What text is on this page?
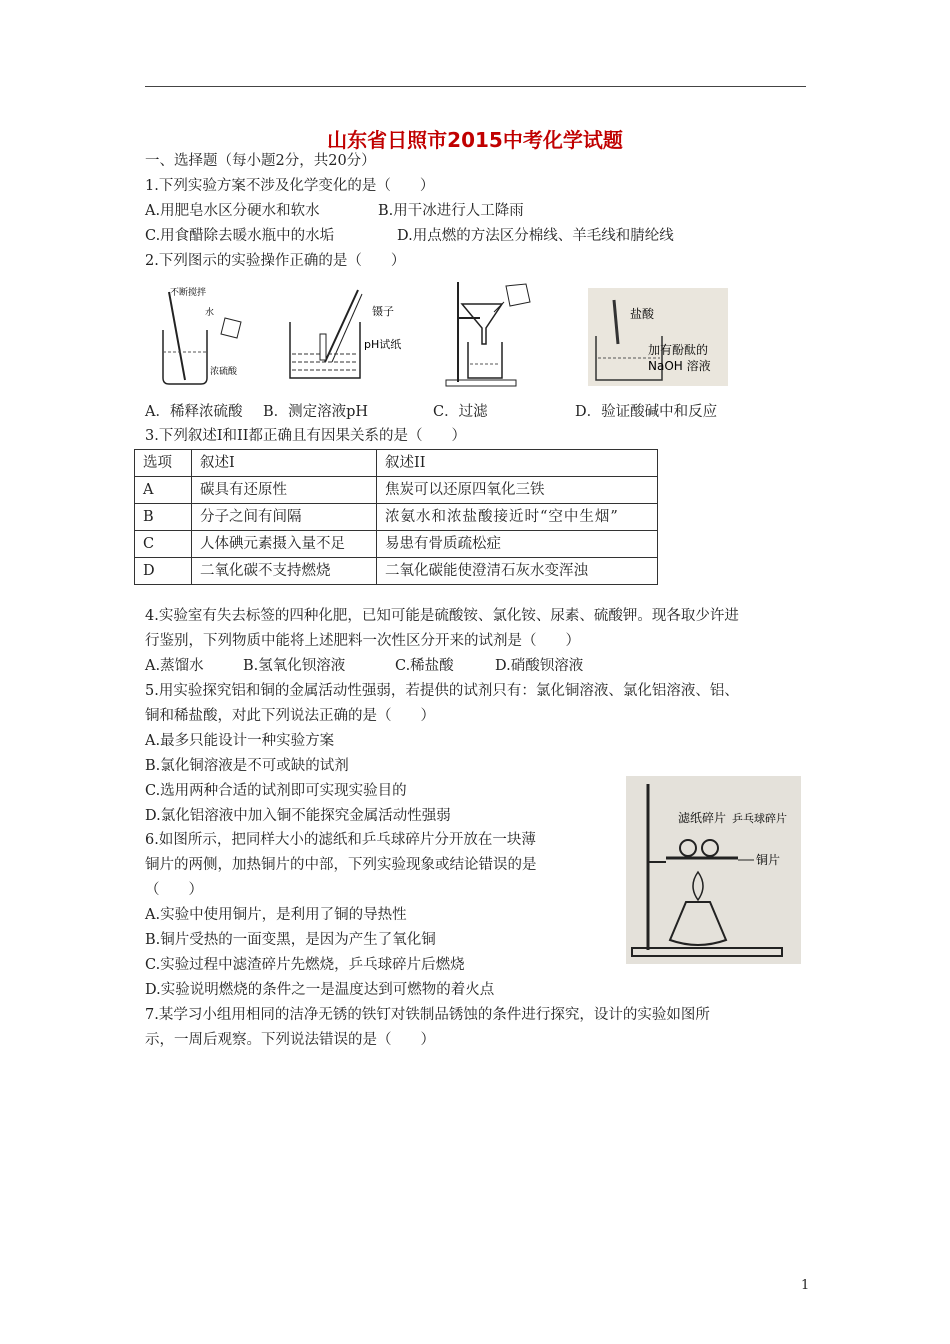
山东省日照市2015中考化学试题
一、选择题（每小题2分，共20分）
1.下列实验方案不涉及化学变化的是（　　）
A.用肥皂水区分硬水和软水	B.用干冰进行人工降雨
C.用食醋除去暖水瓶中的水垢	D.用点燃的方法区分棉线、羊毛线和腈纶线
2.下列图示的实验操作正确的是（　　）
不断搅拌
水
浓硫酸
镊子
pH试纸
盐酸
加有酚酞的
NaOH 溶液
A．稀释浓硫酸 B．测定溶液pH	C．过滤	D．验证酸碱中和反应
3.下列叙述I和II都正确且有因果关系的是（　　）
选项	叙述I	叙述II
A	碳具有还原性	焦炭可以还原四氧化三铁
B	分子之间有间隔	浓氨水和浓盐酸接近时“空中生烟”
C	人体碘元素摄入量不足	易患有骨质疏松症
D	二氧化碳不支持燃烧	二氧化碳能使澄清石灰水变浑浊
4.实验室有失去标签的四种化肥，已知可能是硫酸铵、氯化铵、尿素、硫酸钾。现各取少许进
行鉴别，下列物质中能将上述肥料一次性区分开来的试剂是（　　）
A.蒸馏水	B.氢氧化钡溶液	C.稀盐酸	D.硝酸钡溶液
5.用实验探究铝和铜的金属活动性强弱，若提供的试剂只有：氯化铜溶液、氯化铝溶液、铝、
铜和稀盐酸，对此下列说法正确的是（　　）
A.最多只能设计一种实验方案
B.氯化铜溶液是不可或缺的试剂
C.选用两种合适的试剂即可实现实验目的
D.氯化铝溶液中加入铜不能探究金属活动性强弱
6.如图所示，把同样大小的滤纸和乒乓球碎片分开放在一块薄
铜片的两侧，加热铜片的中部，下列实验现象或结论错误的是
（　　）
A.实验中使用铜片，是利用了铜的导热性
B.铜片受热的一面变黑，是因为产生了氧化铜
C.实验过程中滤渣碎片先燃烧，乒乓球碎片后燃烧
D.实验说明燃烧的条件之一是温度达到可燃物的着火点
滤纸碎片 乒乓球碎片
铜片
7.某学习小组用相同的洁净无锈的铁钉对铁制品锈蚀的条件进行探究，设计的实验如图所
示，一周后观察。下列说法错误的是（　　）
1
